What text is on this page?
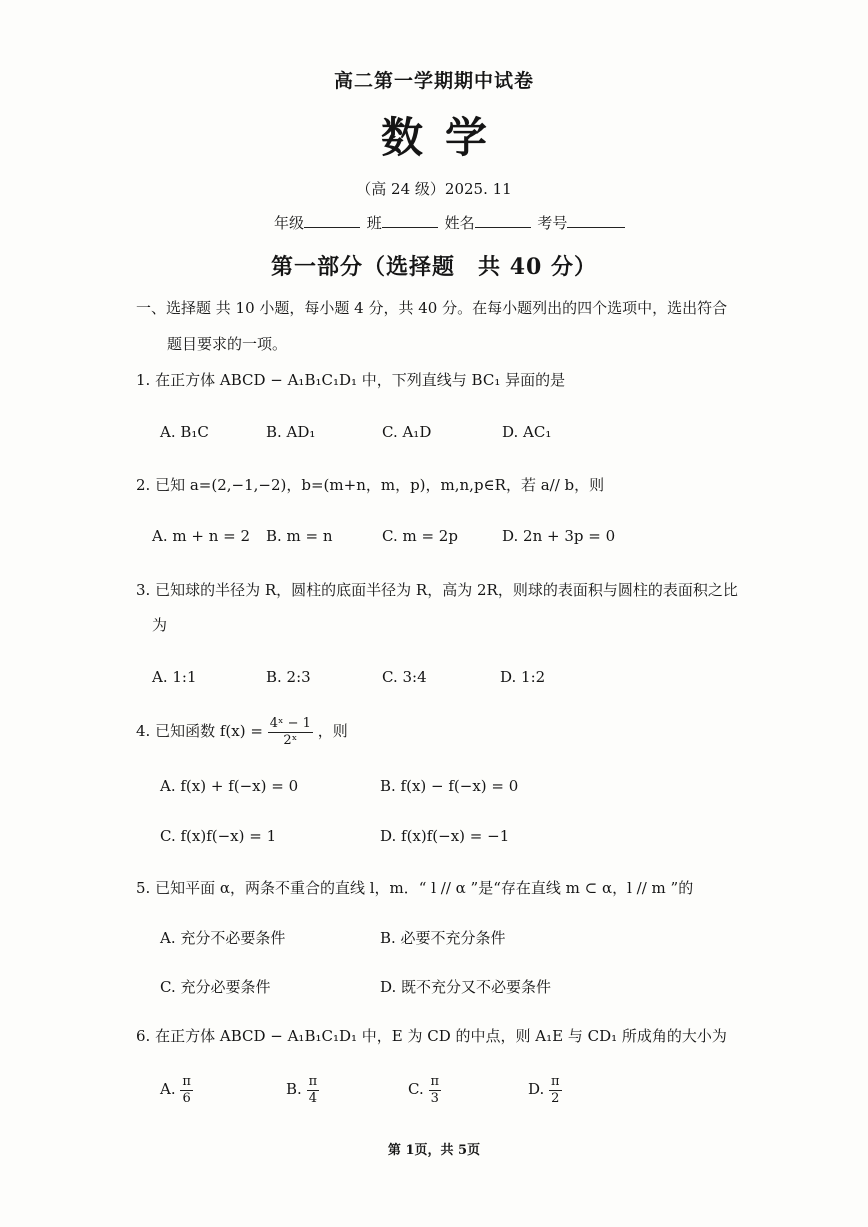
高二第一学期期中试卷
数学
（高 24 级）2025. 11
年级	班	姓名	考号
第一部分（选择题　共 40 分）
一、选择题 共 10 小题，每小题 4 分，共 40 分。在每小题列出的四个选项中，选出符合
题目要求的一项。
1. 在正方体 ABCD − A₁B₁C₁D₁ 中，下列直线与 BC₁ 异面的是
A. B₁C	B. AD₁	C. A₁D	D. AC₁
2. 已知 a=(2,−1,−2)，b=(m+n，m，p)，m,n,p∈R，若 a// b，则
A. m + n = 2 B. m = n	C. m = 2p	D. 2n + 3p = 0
3. 已知球的半径为 R，圆柱的底面半径为 R，高为 2R，则球的表面积与圆柱的表面积之比
为
A. 1:1	B. 2:3	C. 3:4	D. 1:2
4. 已知函数 $f(x) = \frac{\text{4ˣ − 1}}{\text{2ˣ}}$ ，则
A. f(x) + f(−x) = 0	B. f(x) − f(−x) = 0
C. f(x)f(−x) = 1	D. f(x)f(−x) = −1
5. 已知平面 α，两条不重合的直线 l，m．“ l // α ”是“存在直线 m ⊂ α，l // m ”的
A. 充分不必要条件	B. 必要不充分条件
C. 充分必要条件	D. 既不充分又不必要条件
6. 在正方体 ABCD − A₁B₁C₁D₁ 中，E 为 CD 的中点，则 A₁E 与 CD₁ 所成角的大小为
A. $\frac{\pi}{6}$	B. $\frac{\pi}{4}$	C. $\frac{\pi}{3}$	D. $\frac{\pi}{2}$
第 1页，共 5页
